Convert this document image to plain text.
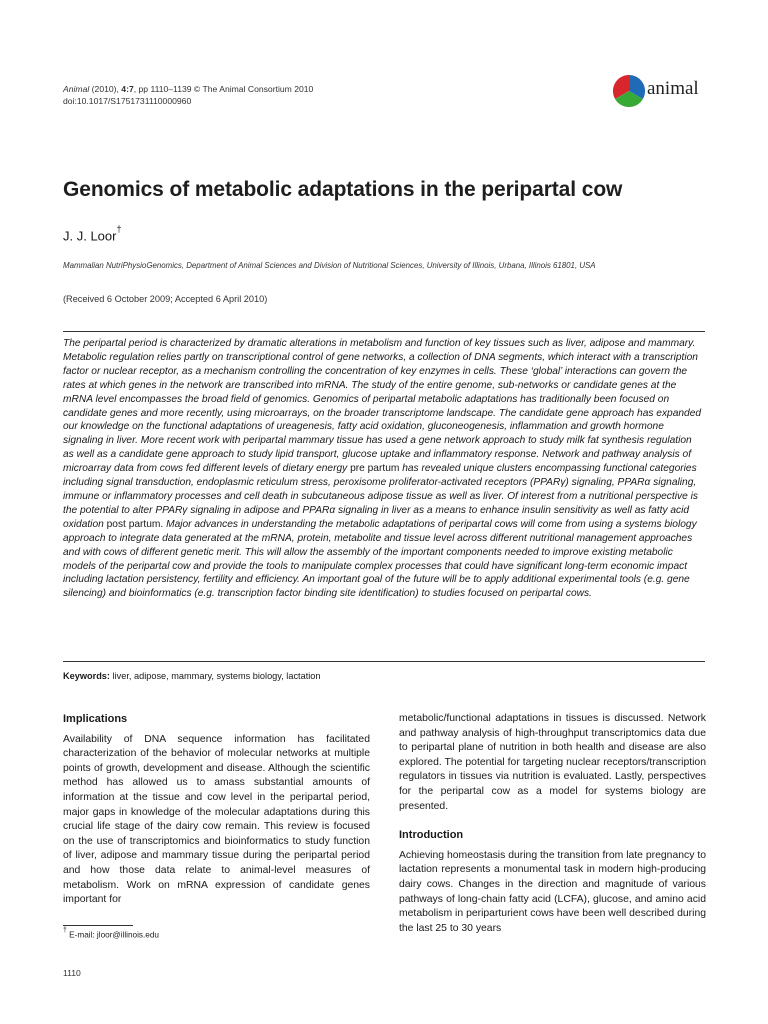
Animal (2010), 4:7, pp 1110–1139 © The Animal Consortium 2010
doi:10.1017/S1751731110000960
animal
Genomics of metabolic adaptations in the peripartal cow
J. J. Loor†
Mammalian NutriPhysioGenomics, Department of Animal Sciences and Division of Nutritional Sciences, University of Illinois, Urbana, Illinois 61801, USA
(Received 6 October 2009; Accepted 6 April 2010)
The peripartal period is characterized by dramatic alterations in metabolism and function of key tissues such as liver, adipose and mammary. Metabolic regulation relies partly on transcriptional control of gene networks, a collection of DNA segments, which interact with a transcription factor or nuclear receptor, as a mechanism controlling the concentration of key enzymes in cells. These ‘global’ interactions can govern the rates at which genes in the network are transcribed into mRNA. The study of the entire genome, sub-networks or candidate genes at the mRNA level encompasses the broad field of genomics. Genomics of peripartal metabolic adaptations has traditionally been focused on candidate genes and more recently, using microarrays, on the broader transcriptome landscape. The candidate gene approach has expanded our knowledge on the functional adaptations of ureagenesis, fatty acid oxidation, gluconeogenesis, inflammation and growth hormone signaling in liver. More recent work with peripartal mammary tissue has used a gene network approach to study milk fat synthesis regulation as well as a candidate gene approach to study lipid transport, glucose uptake and inflammatory response. Network and pathway analysis of microarray data from cows fed different levels of dietary energy pre partum has revealed unique clusters encompassing functional categories including signal transduction, endoplasmic reticulum stress, peroxisome proliferator-activated receptors (PPARγ) signaling, PPARα signaling, immune or inflammatory processes and cell death in subcutaneous adipose tissue as well as liver. Of interest from a nutritional perspective is the potential to alter PPARγ signaling in adipose and PPARα signaling in liver as a means to enhance insulin sensitivity as well as fatty acid oxidation post partum. Major advances in understanding the metabolic adaptations of peripartal cows will come from using a systems biology approach to integrate data generated at the mRNA, protein, metabolite and tissue level across different nutritional management approaches and with cows of different genetic merit. This will allow the assembly of the important components needed to improve existing metabolic models of the peripartal cow and provide the tools to manipulate complex processes that could have significant long-term economic impact including lactation persistency, fertility and efficiency. An important goal of the future will be to apply additional experimental tools (e.g. gene silencing) and bioinformatics (e.g. transcription factor binding site identification) to studies focused on peripartal cows.
Keywords: liver, adipose, mammary, systems biology, lactation
Implications

Availability of DNA sequence information has facilitated characterization of the behavior of molecular networks at multiple points of growth, development and disease. Although the scientific method has allowed us to amass substantial amounts of information at the tissue and cow level in the peripartal period, major gaps in knowledge of the molecular adaptations during this crucial life stage of the dairy cow remain. This review is focused on the use of transcriptomics and bioinformatics to study function of liver, adipose and mammary tissue during the peripartal period and how those data relate to animal-level measures of metabolism. Work on mRNA expression of candidate genes important for

metabolic/functional adaptations in tissues is discussed. Network and pathway analysis of high-throughput transcriptomics data due to peripartal plane of nutrition in both health and disease are also explored. The potential for targeting nuclear receptors/transcription regulators in tissues via nutrition is evaluated. Lastly, perspectives for the peripartal cow as a model for systems biology are presented.

Introduction

Achieving homeostasis during the transition from late pregnancy to lactation represents a monumental task in modern high-producing dairy cows. Changes in the direction and magnitude of various pathways of long-chain fatty acid (LCFA), glucose, and amino acid metabolism in periparturient cows have been well described during the last 25 to 30 years

† E-mail: jloor@illinois.edu
1110
